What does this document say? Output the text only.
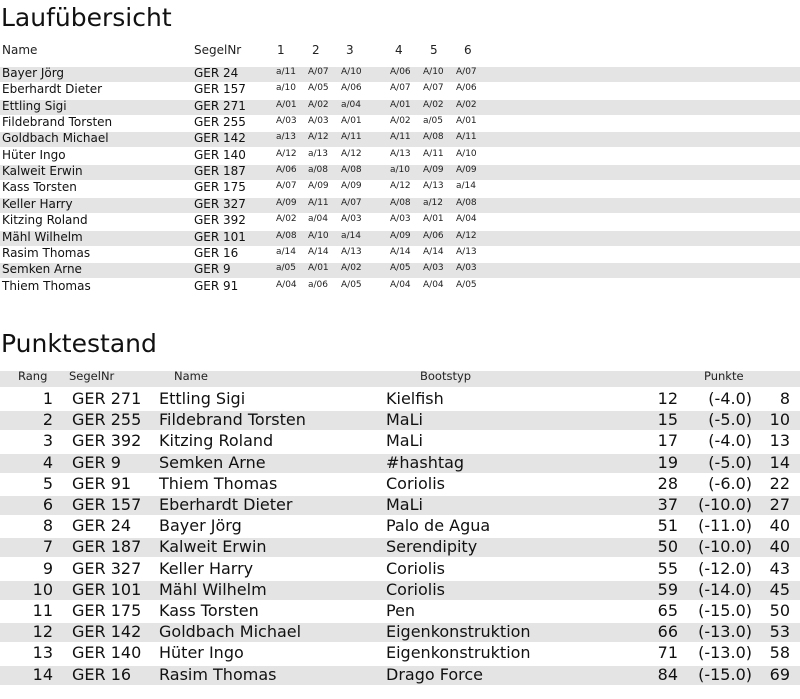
Laufübersicht
Name	SegelNr	1 2 3	4 5 6
Bayer Jörg	GER 24	a/11 A/07 A/10	A/06 A/10 A/07
Eberhardt Dieter	GER 157	a/10 A/05 A/06	A/07 A/07 A/06
Ettling Sigi	GER 271	A/01 A/02 a/04	A/01 A/02 A/02
Fildebrand Torsten	GER 255	A/03 A/03 A/01	A/02 a/05 A/01
Goldbach Michael	GER 142	a/13 A/12 A/11	A/11 A/08 A/11
Hüter Ingo	GER 140	A/12 a/13 A/12	A/13 A/11 A/10
Kalweit Erwin	GER 187	A/06 a/08 A/08	a/10 A/09 A/09
Kass Torsten	GER 175	A/07 A/09 A/09	A/12 A/13 a/14
Keller Harry	GER 327	A/09 A/11 A/07	A/08 a/12 A/08
Kitzing Roland	GER 392	A/02 a/04 A/03	A/03 A/01 A/04
Mähl Wilhelm	GER 101	A/08 A/10 a/14	A/09 A/06 A/12
Rasim Thomas	GER 16	a/14 A/14 A/13	A/14 A/14 A/13
Semken Arne	GER 9	a/05 A/01 A/02	A/05 A/03 A/03
Thiem Thomas	GER 91	A/04 a/06 A/05	A/04 A/04 A/05
Punktestand
Rang SegelNr	Name	Bootstyp	Punkte
1 GER 271 Ettling Sigi	Kielfish	12 (-4.0) 8
2 GER 255 Fildebrand Torsten	MaLi	15 (-5.0) 10
3 GER 392 Kitzing Roland	MaLi	17 (-4.0) 13
4 GER 9 Semken Arne	#hashtag	19 (-5.0) 14
5 GER 91 Thiem Thomas	Coriolis	28 (-6.0) 22
6 GER 157 Eberhardt Dieter	MaLi	37 (-10.0) 27
8 GER 24 Bayer Jörg	Palo de Agua	51 (-11.0) 40
7 GER 187 Kalweit Erwin	Serendipity	50 (-10.0) 40
9 GER 327 Keller Harry	Coriolis	55 (-12.0) 43
10 GER 101 Mähl Wilhelm	Coriolis	59 (-14.0) 45
11 GER 175 Kass Torsten	Pen	65 (-15.0) 50
12 GER 142 Goldbach Michael	Eigenkonstruktion	66 (-13.0) 53
13 GER 140 Hüter Ingo	Eigenkonstruktion	71 (-13.0) 58
14 GER 16 Rasim Thomas	Drago Force	84 (-15.0) 69
